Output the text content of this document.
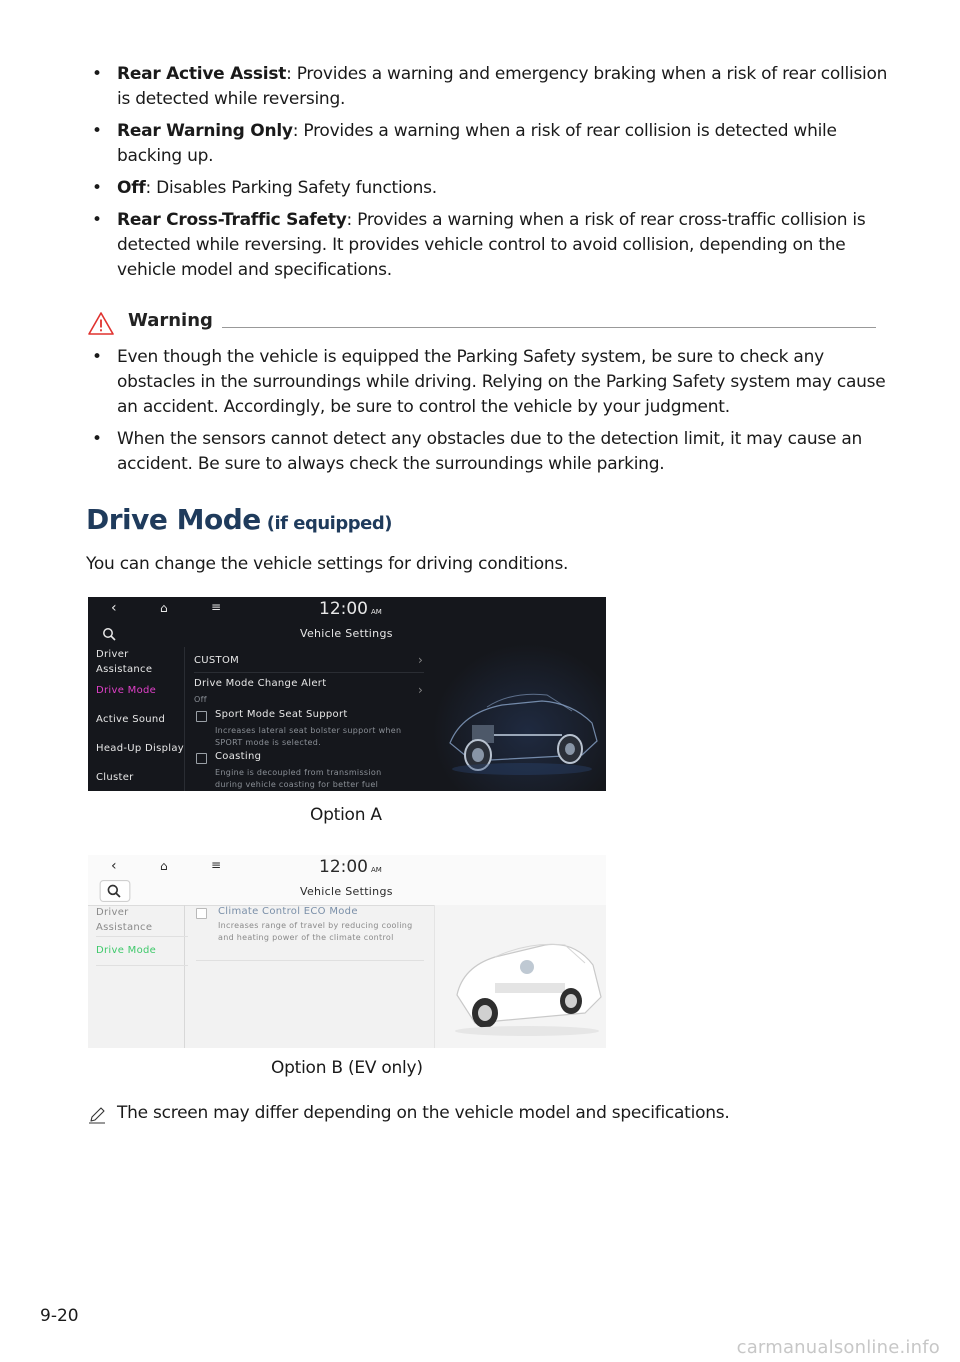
• Rear Active Assist: Provides a warning and emergency braking when a risk of rear collision is detected while reversing.
• Rear Warning Only: Provides a warning when a risk of rear collision is detected while backing up.
• Off: Disables Parking Safety functions.
• Rear Cross-Traffic Safety: Provides a warning when a risk of rear cross-traffic collision is detected while reversing. It provides vehicle control to avoid collision, depending on the vehicle model and specifications.
Warning
• Even though the vehicle is equipped the Parking Safety system, be sure to check any obstacles in the surroundings while driving. Relying on the Parking Safety system may cause an accident. Accordingly, be sure to control the vehicle by your judgment.
• When the sensors cannot detect any obstacles due to the detection limit, it may cause an accident. Be sure to always check the surroundings while parking.
Drive Mode (if equipped)
You can change the vehicle settings for driving conditions.
‹	⌂	≡	12:00 AM
Vehicle Settings
Driver Assistance
Drive Mode
Active Sound
Head-Up Display
Cluster
CUSTOM	›
Drive Mode Change Alert
Off
›
Sport Mode Seat Support
Increases lateral seat bolster support when SPORT mode is selected.
Coasting
Engine is decoupled from transmission during vehicle coasting for better fuel
Option A
‹	⌂	≡	12:00 AM
Vehicle Settings
Driver Assistance
Drive Mode
Climate Control ECO Mode
Increases range of travel by reducing cooling and heating power of the climate control
Option B (EV only)
The screen may differ depending on the vehicle model and specifications.
9-20
carmanualsonline.info
